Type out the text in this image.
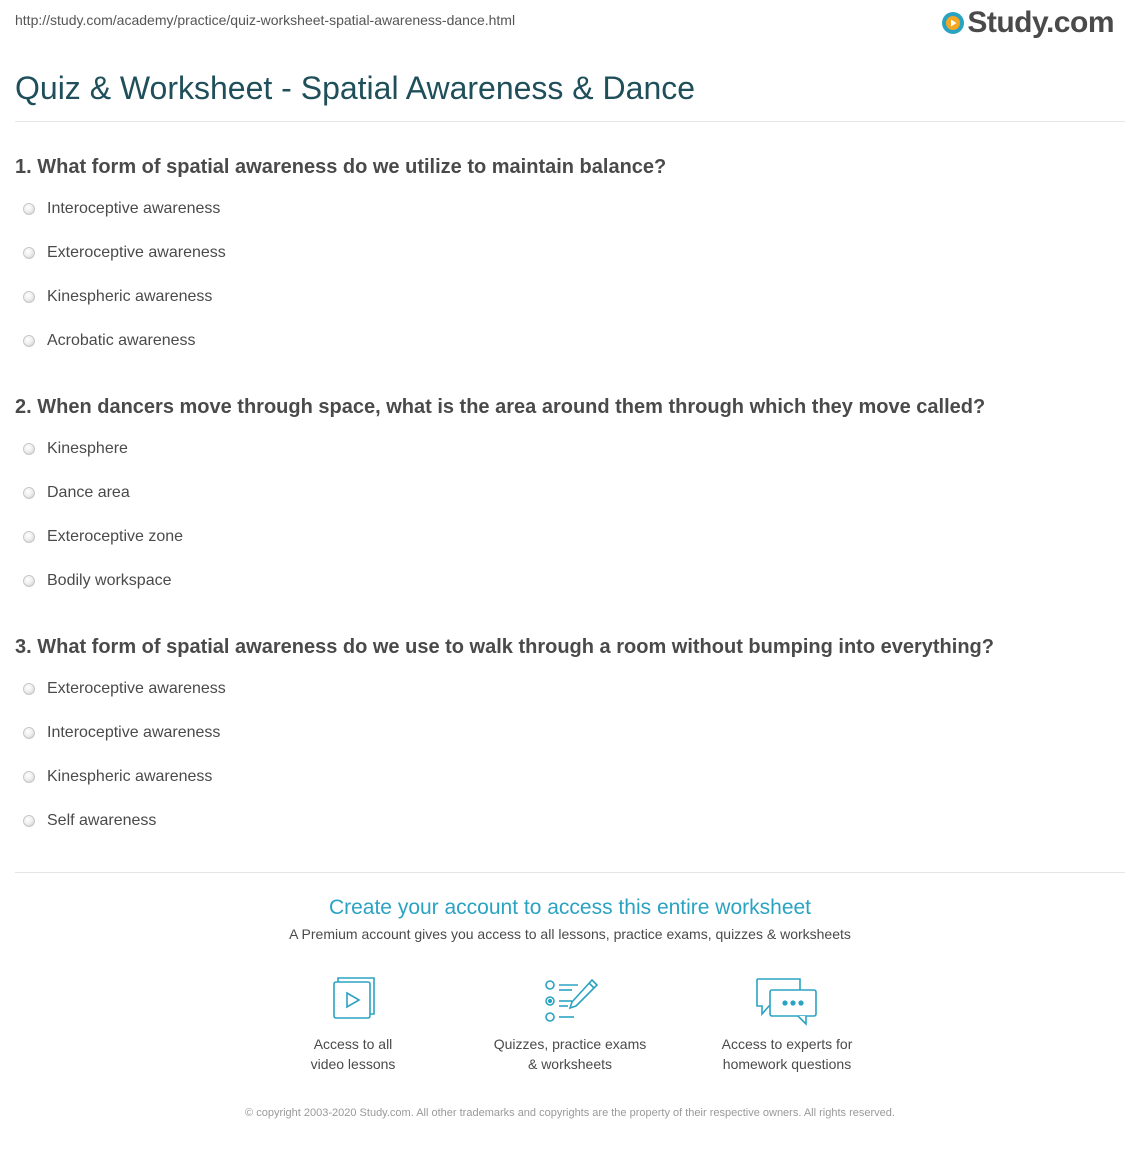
http://study.com/academy/practice/quiz-worksheet-spatial-awareness-dance.html	Study.com
Quiz & Worksheet - Spatial Awareness & Dance
1. What form of spatial awareness do we utilize to maintain balance?
Interoceptive awareness
Exteroceptive awareness
Kinespheric awareness
Acrobatic awareness
2. When dancers move through space, what is the area around them through which they move called?
Kinesphere
Dance area
Exteroceptive zone
Bodily workspace
3. What form of spatial awareness do we use to walk through a room without bumping into everything?
Exteroceptive awareness
Interoceptive awareness
Kinespheric awareness
Self awareness

Create your account to access this entire worksheet

A Premium account gives you access to all lessons, practice exams, quizzes & worksheets
Access to all
video lessons
Quizzes, practice exams
& worksheets
Access to experts for
homework questions
© copyright 2003-2020 Study.com. All other trademarks and copyrights are the property of their respective owners. All rights reserved.
